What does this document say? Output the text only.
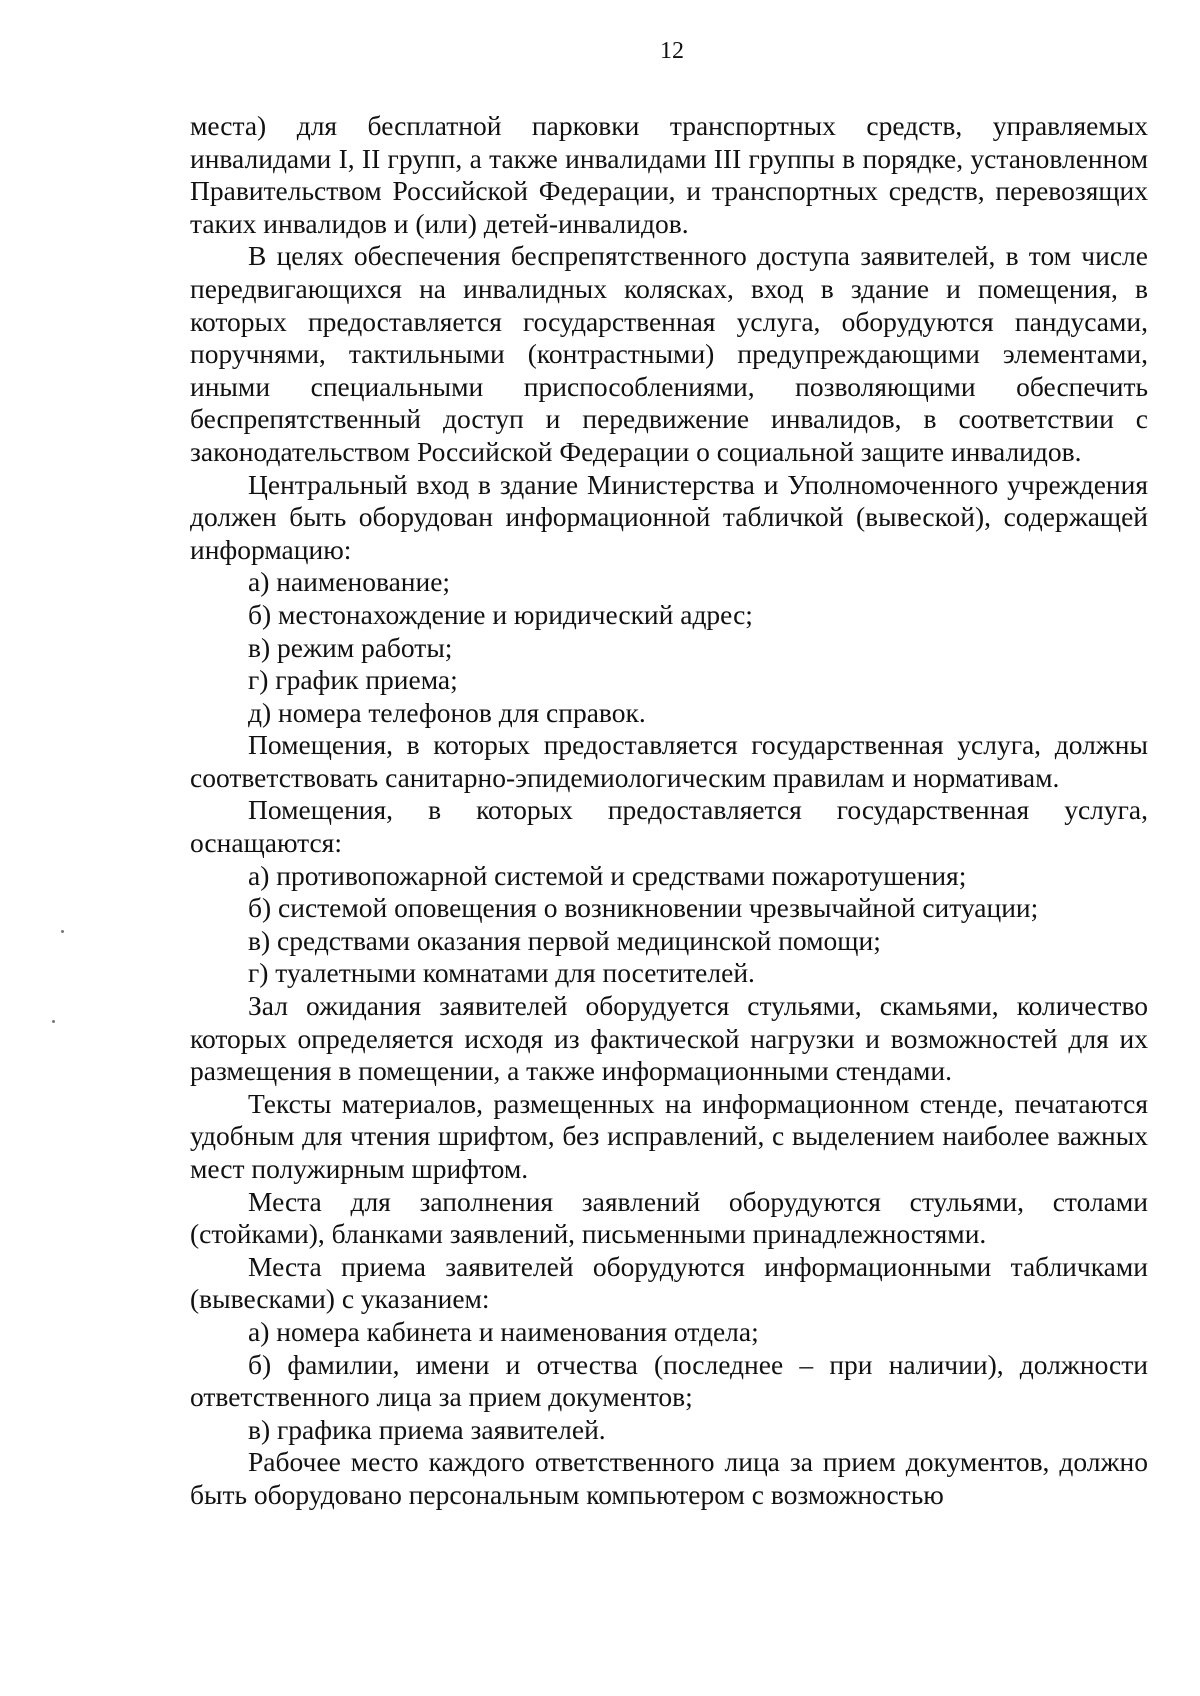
12

места) для бесплатной парковки транспортных средств, управляемых инвалидами I, II групп, а также инвалидами III группы в порядке, установленном Правительством Российской Федерации, и транспортных средств, перевозящих таких инвалидов и (или) детей-инвалидов.

В целях обеспечения беспрепятственного доступа заявителей, в том числе передвигающихся на инвалидных колясках, вход в здание и помещения, в которых предоставляется государственная услуга, оборудуются пандусами, поручнями, тактильными (контрастными) предупреждающими элементами, иными специальными приспособлениями, позволяющими обеспечить беспрепятственный доступ и передвижение инвалидов, в соответствии с законодательством Российской Федерации о социальной защите инвалидов.

Центральный вход в здание Министерства и Уполномоченного учреждения должен быть оборудован информационной табличкой (вывеской), содержащей информацию:

а) наименование;

б) местонахождение и юридический адрес;

в) режим работы;

г) график приема;

д) номера телефонов для справок.

Помещения, в которых предоставляется государственная услуга, должны соответствовать санитарно-эпидемиологическим правилам и нормативам.

Помещения, в которых предоставляется государственная услуга, оснащаются:

а) противопожарной системой и средствами пожаротушения;

б) системой оповещения о возникновении чрезвычайной ситуации;

в) средствами оказания первой медицинской помощи;

г) туалетными комнатами для посетителей.

Зал ожидания заявителей оборудуется стульями, скамьями, количество которых определяется исходя из фактической нагрузки и возможностей для их размещения в помещении, а также информационными стендами.

Тексты материалов, размещенных на информационном стенде, печатаются удобным для чтения шрифтом, без исправлений, с выделением наиболее важных мест полужирным шрифтом.

Места для заполнения заявлений оборудуются стульями, столами (стойками), бланками заявлений, письменными принадлежностями.

Места приема заявителей оборудуются информационными табличками (вывесками) с указанием:

а) номера кабинета и наименования отдела;

б) фамилии, имени и отчества (последнее – при наличии), должности ответственного лица за прием документов;

в) графика приема заявителей.

Рабочее место каждого ответственного лица за прием документов, должно быть оборудовано персональным компьютером с возможностью
